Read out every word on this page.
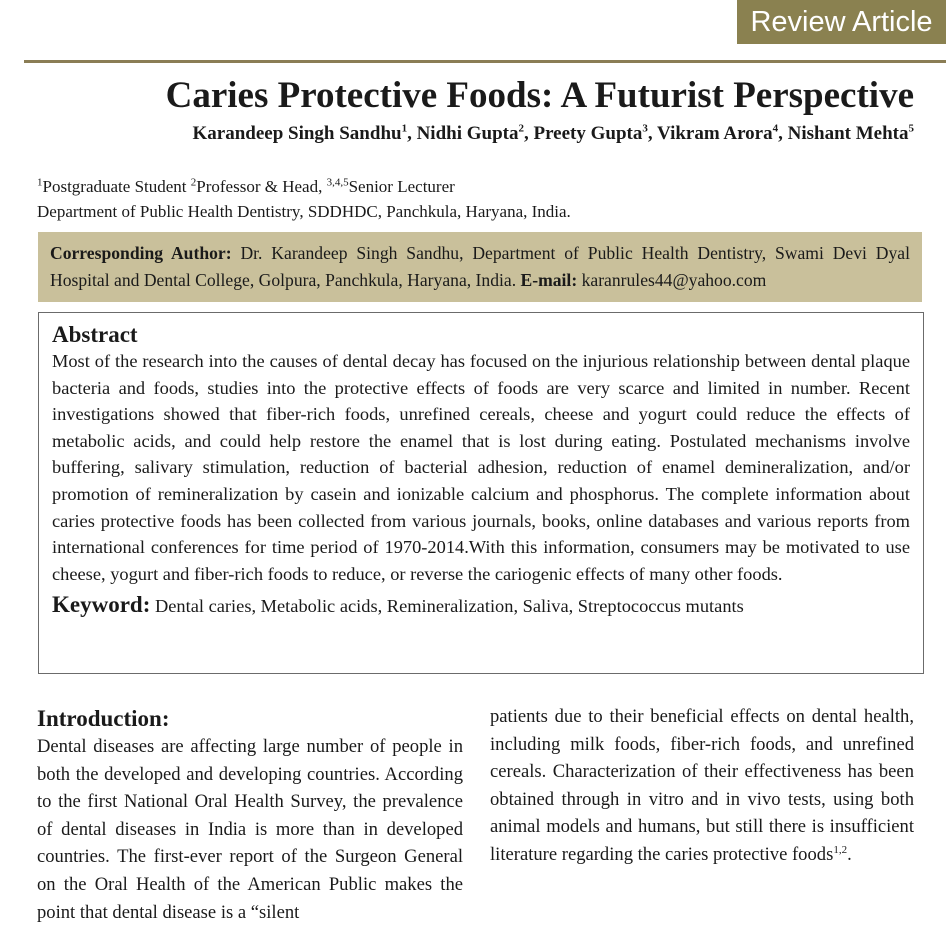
Review Article
Caries Protective Foods: A Futurist Perspective

Karandeep Singh Sandhu$^1$, Nidhi Gupta$^2$, Preety Gupta$^3$, Vikram Arora$^4$, Nishant Mehta$^5$

$^1$Postgraduate Student $^2$Professor & Head, $^{3,4,5}$Senior Lecturer
Department of Public Health Dentistry, SDDHDC, Panchkula, Haryana, India.

Corresponding Author: Dr. Karandeep Singh Sandhu, Department of Public Health Dentistry, Swami Devi Dyal Hospital and Dental College, Golpura, Panchkula, Haryana, India. E-mail: karanrules44@yahoo.com
Abstract

Most of the research into the causes of dental decay has focused on the injurious relationship between dental plaque bacteria and foods, studies into the protective effects of foods are very scarce and limited in number. Recent investigations showed that fiber-rich foods, unrefined cereals, cheese and yogurt could reduce the effects of metabolic acids, and could help restore the enamel that is lost during eating. Postulated mechanisms involve buffering, salivary stimulation, reduction of bacterial adhesion, reduction of enamel demineralization, and/or promotion of remineralization by casein and ionizable calcium and phosphorus. The complete information about caries protective foods has been collected from various journals, books, online databases and various reports from international conferences for time period of 1970-2014.With this information, consumers may be motivated to use cheese, yogurt and fiber-rich foods to reduce, or reverse the cariogenic effects of many other foods.

Keyword: Dental caries, Metabolic acids, Remineralization, Saliva, Streptococcus mutants

Introduction:

Dental diseases are affecting large number of people in both the developed and developing countries. According to the first National Oral Health Survey, the prevalence of dental diseases in India is more than in developed countries. The first-ever report of the Surgeon General on the Oral Health of the American Public makes the point that dental disease is a “silent

patients due to their beneficial effects on dental health, including milk foods, fiber-rich foods, and unrefined cereals. Characterization of their effectiveness has been obtained through in vitro and in vivo tests, using both animal models and humans, but still there is insufficient literature regarding the caries protective foods$^{1,2}$.
